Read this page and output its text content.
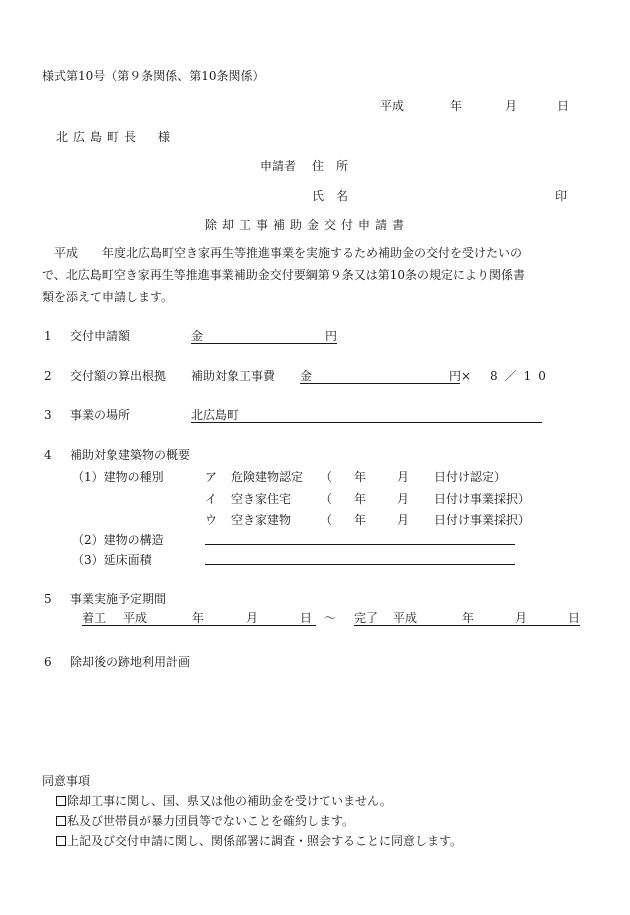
様式第10号（第９条関係、第10条関係）
平成	年	月	日
北広島町長　様
申請者 住　所
氏　名	印
除却工事補助金交付申請書
　平成　　年度北広島町空き家再生等推進事業を実施するため補助金の交付を受けたいの
で、北広島町空き家再生等推進事業補助金交付要綱第９条又は第10条の規定により関係書
類を添えて申請します。
1 交付申請額	金	円
2 交付額の算出根拠 補助対象工事費 金	円× 8／10
3 事業の場所	北広島町
4 補助対象建築物の概要
（1）建物の種別	ア 危険建物認定 （ 年	月 日付け認定）
イ 空き家住宅 （ 年	月 日付け事業採択）
ウ 空き家建物 （ 年	月 日付け事業採択）
（2）建物の構造
（3）延床面積
5 事業実施予定期間
着工 平成	年	月	日 ～ 完了 平成	年	月	日
6 除却後の跡地利用計画
同意事項
除却工事に関し、国、県又は他の補助金を受けていません。
私及び世帯員が暴力団員等でないことを確約します。
上記及び交付申請に関し、関係部署に調査・照会することに同意します。
